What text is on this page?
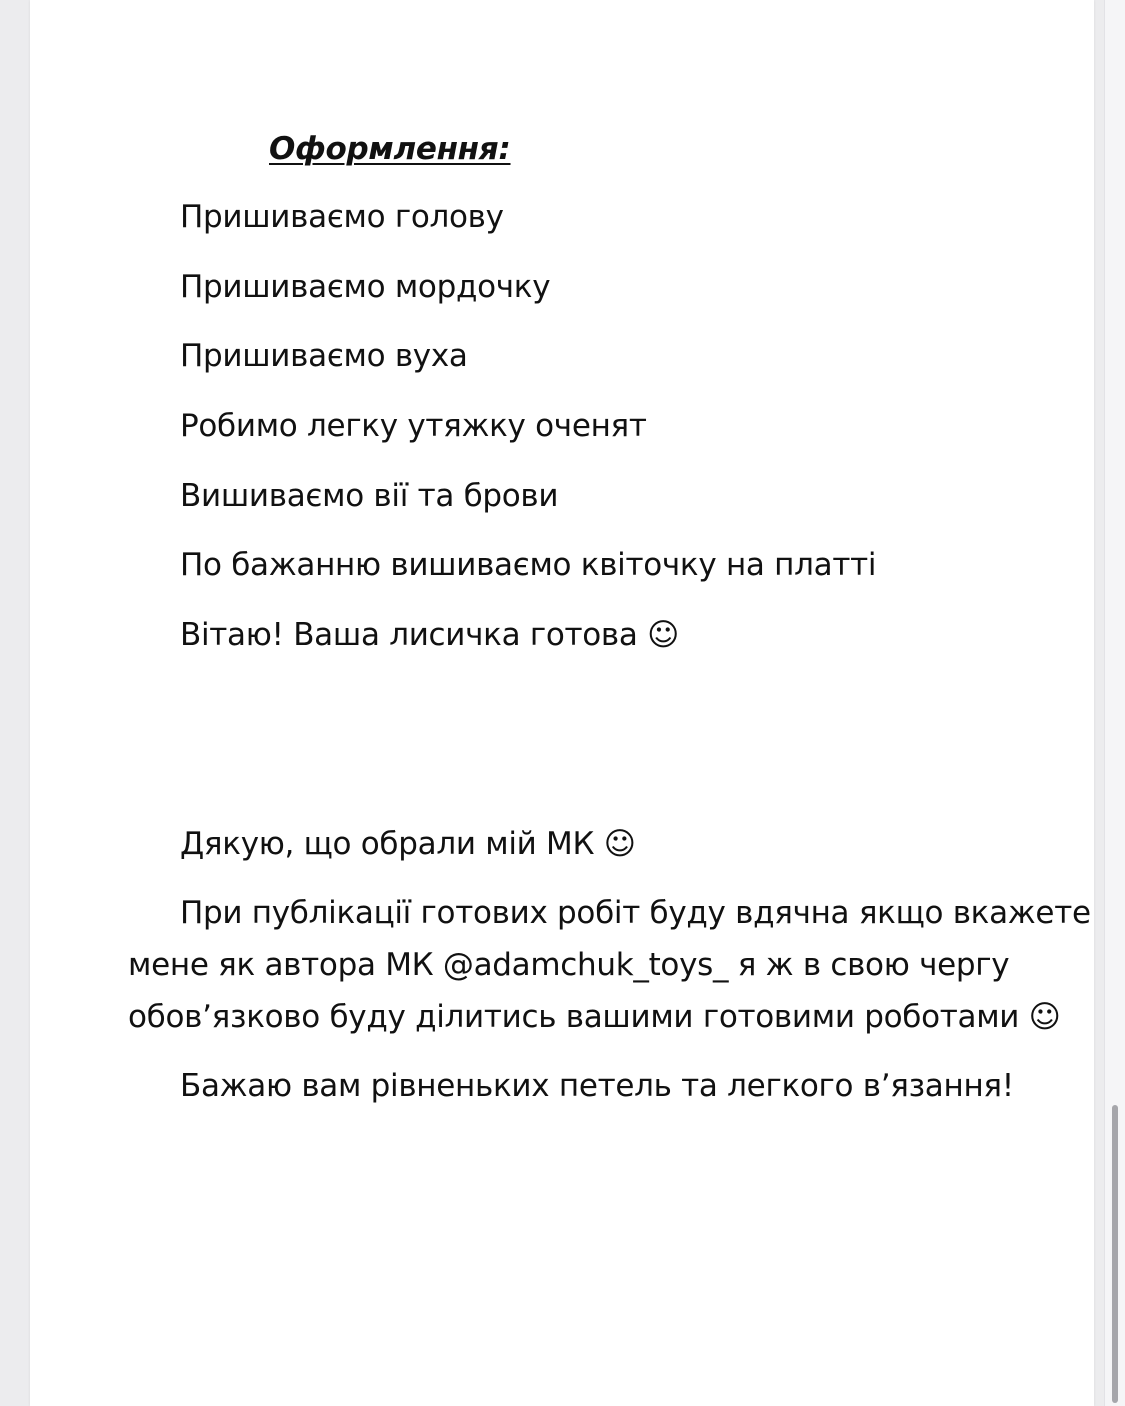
Оформлення:
Пришиваємо голову
Пришиваємо мордочку
Пришиваємо вуха
Робимо легку утяжку оченят
Вишиваємо вії та брови
По бажанню вишиваємо квіточку на платті
Вітаю! Ваша лисичка готова ☺
Дякую, що обрали мій МК ☺
При публікації готових робіт буду вдячна якщо вкажете
мене як автора МК @adamchuk_toys_ я ж в свою чергу
обов’язково буду ділитись вашими готовими роботами ☺
Бажаю вам рівненьких петель та легкого в’язання!
